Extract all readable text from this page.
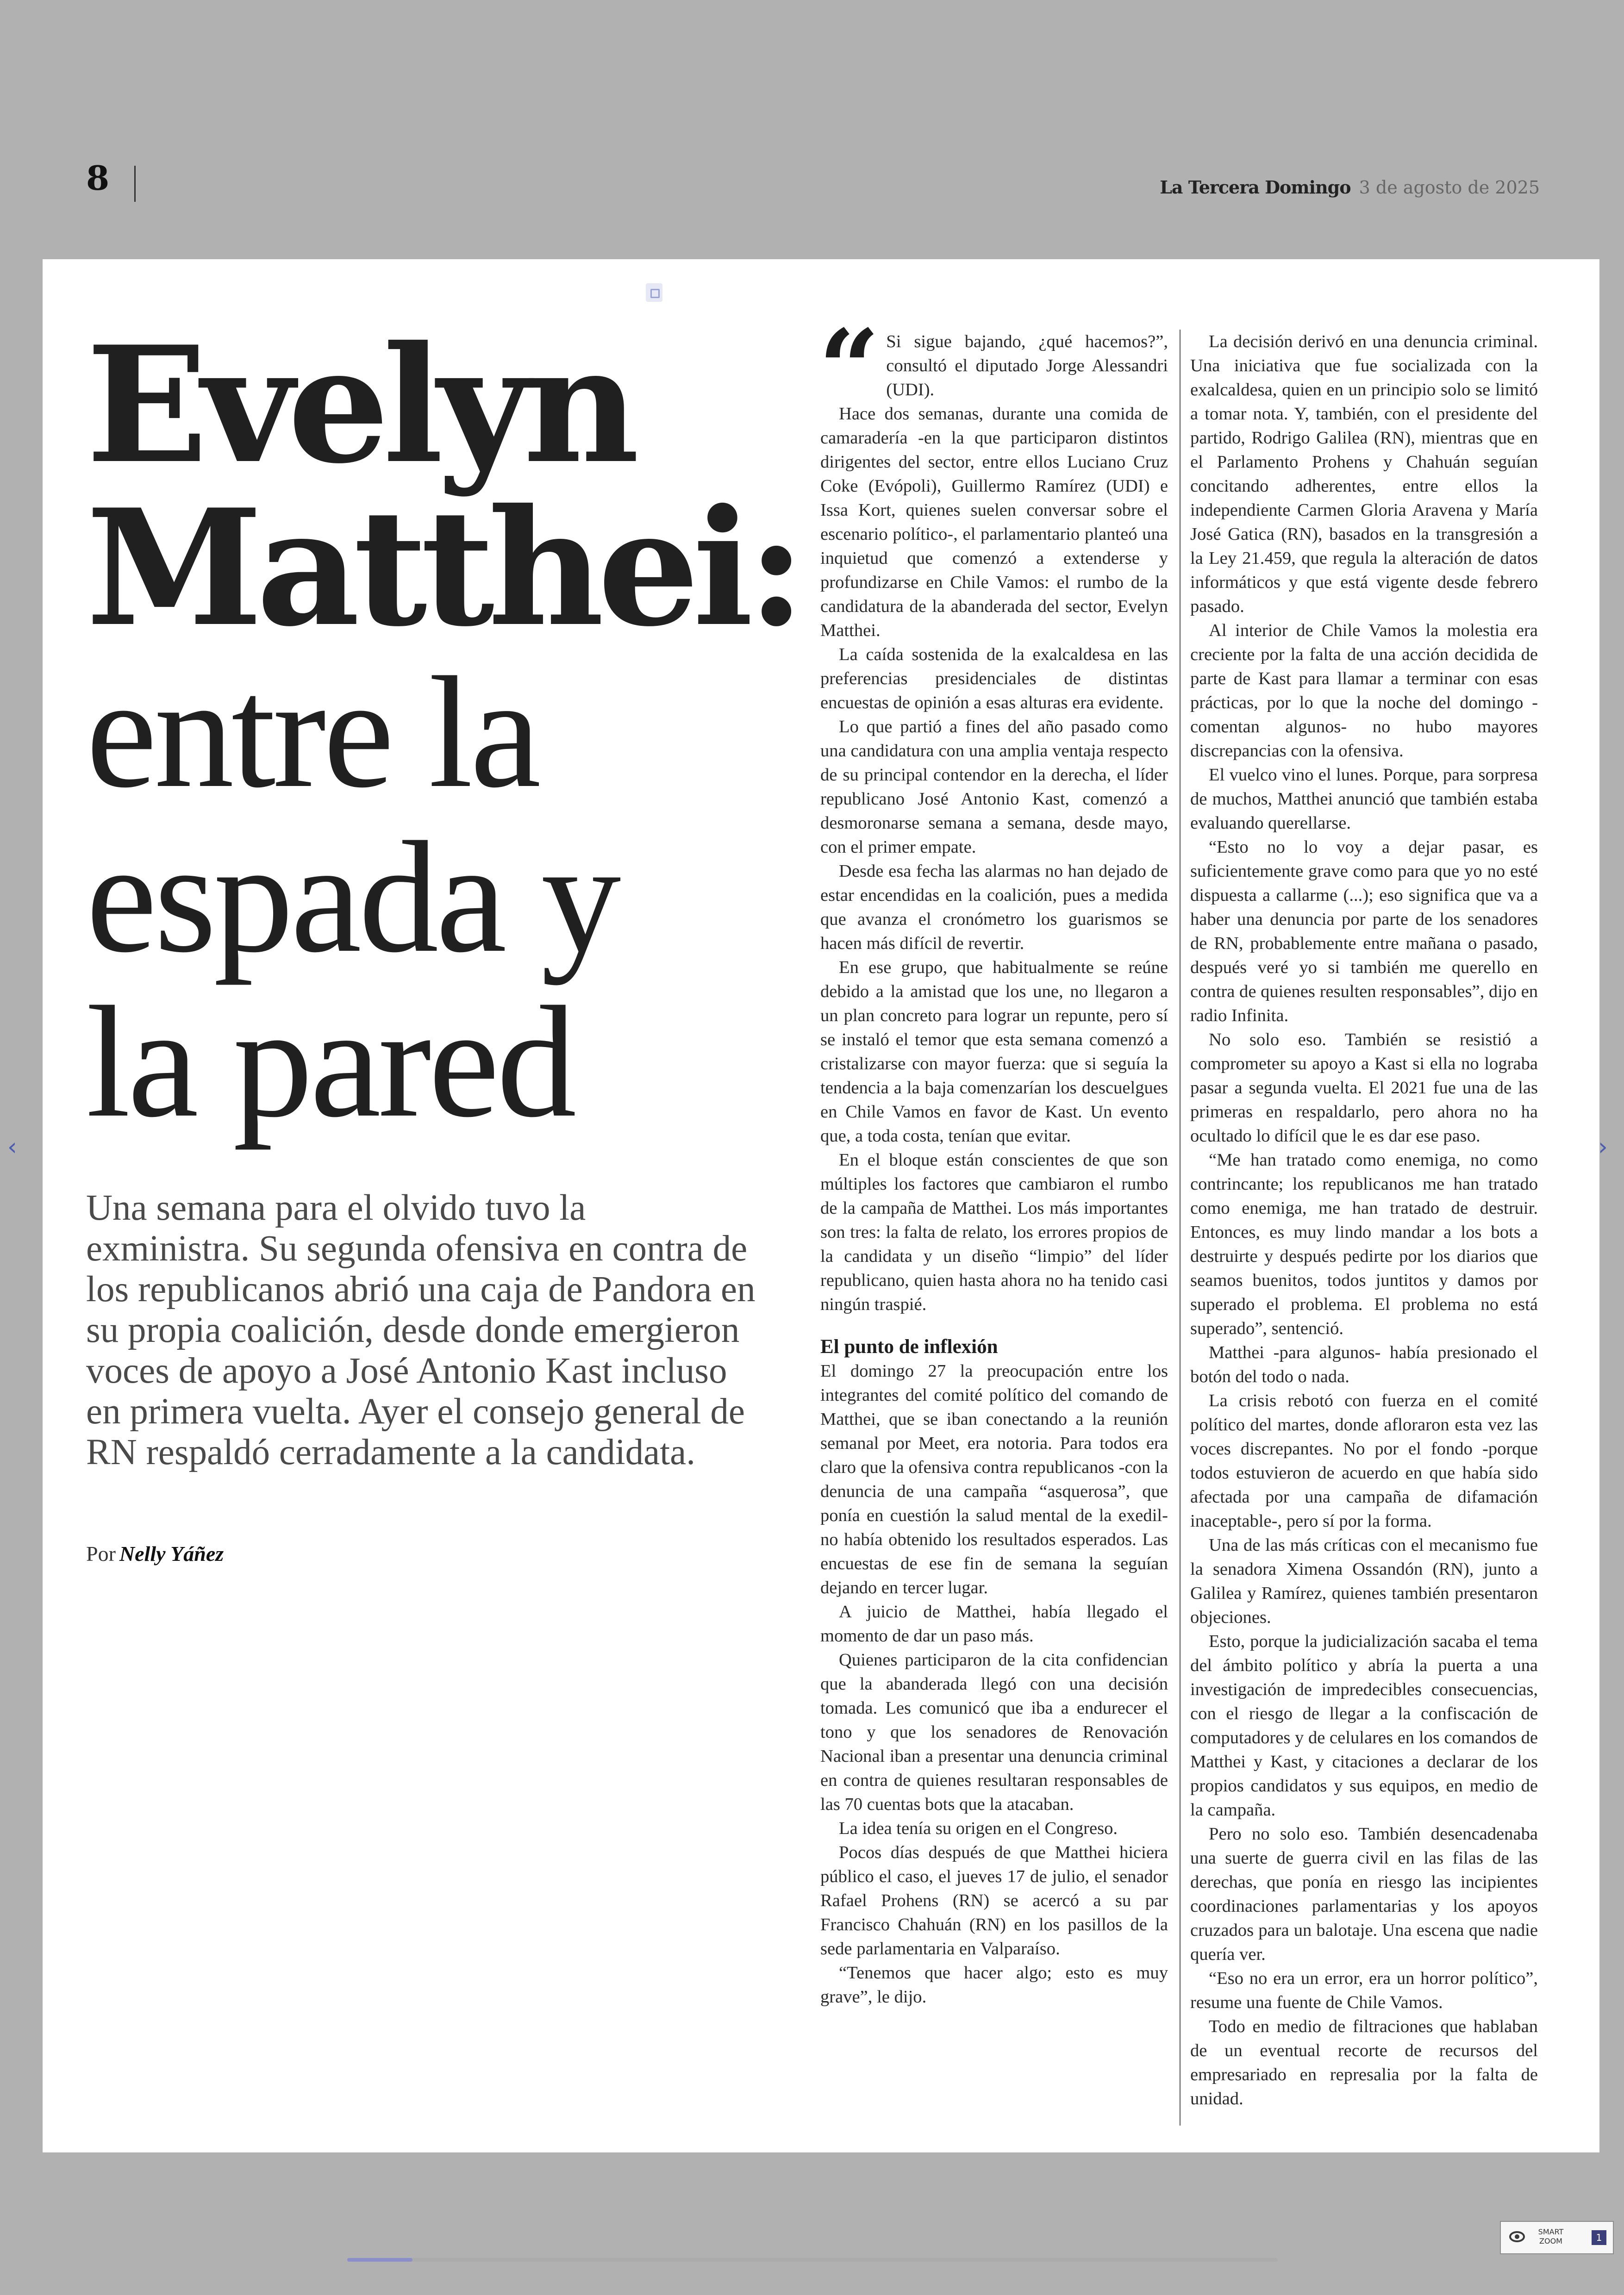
8	La Tercera Domingo 3 de agosto de 2025
Evelyn
Matthei:
entre la
espada y
la pared

Una semana para el olvido tuvo la exministra. Su segunda ofensiva en contra de los republicanos abrió una caja de Pandora en su propia coalición, desde donde emergieron voces de apoyo a José Antonio Kast incluso en primera vuelta. Ayer el consejo general de RN respaldó cerradamente a la candidata.

Por Nelly Yáñez
“ Si sigue bajando, ¿qué hacemos?”, consultó el diputado Jorge Alessandri (UDI).

Hace dos semanas, durante una comida de camaradería -en la que participaron distintos dirigentes del sector, entre ellos Luciano Cruz Coke (Evópoli), Guillermo Ramírez (UDI) e Issa Kort, quienes suelen conversar sobre el escenario político-, el parlamentario planteó una inquietud que comenzó a extenderse y profundizarse en Chile Vamos: el rumbo de la candidatura de la abanderada del sector, Evelyn Matthei.

La caída sostenida de la exalcaldesa en las preferencias presidenciales de distintas encuestas de opinión a esas alturas era evidente.

Lo que partió a fines del año pasado como una candidatura con una amplia ventaja respecto de su principal contendor en la derecha, el líder republicano José Antonio Kast, comenzó a desmoronarse semana a semana, desde mayo, con el primer empate.

Desde esa fecha las alarmas no han dejado de estar encendidas en la coalición, pues a medida que avanza el cronómetro los guarismos se hacen más difícil de revertir.

En ese grupo, que habitualmente se reúne debido a la amistad que los une, no llegaron a un plan concreto para lograr un repunte, pero sí se instaló el temor que esta semana comenzó a cristalizarse con mayor fuerza: que si seguía la tendencia a la baja comenzarían los descuelgues en Chile Vamos en favor de Kast. Un evento que, a toda costa, tenían que evitar.

En el bloque están conscientes de que son múltiples los factores que cambiaron el rumbo de la campaña de Matthei. Los más importantes son tres: la falta de relato, los errores propios de la candidata y un diseño “limpio” del líder republicano, quien hasta ahora no ha tenido casi ningún traspié.

El punto de inflexión

El domingo 27 la preocupación entre los integrantes del comité político del comando de Matthei, que se iban conectando a la reunión semanal por Meet, era notoria. Para todos era claro que la ofensiva contra republicanos -con la denuncia de una campaña “asquerosa”, que ponía en cuestión la salud mental de la exedil- no había obtenido los resultados esperados. Las encuestas de ese fin de semana la seguían dejando en tercer lugar.

A juicio de Matthei, había llegado el momento de dar un paso más.

Quienes participaron de la cita confidencian que la abanderada llegó con una decisión tomada. Les comunicó que iba a endurecer el tono y que los senadores de Renovación Nacional iban a presentar una denuncia criminal en contra de quienes resultaran responsables de las 70 cuentas bots que la atacaban.

La idea tenía su origen en el Congreso.

Pocos días después de que Matthei hiciera público el caso, el jueves 17 de julio, el senador Rafael Prohens (RN) se acercó a su par Francisco Chahuán (RN) en los pasillos de la sede parlamentaria en Valparaíso.

“Tenemos que hacer algo; esto es muy grave”, le dijo.

La decisión derivó en una denuncia criminal. Una iniciativa que fue socializada con la exalcaldesa, quien en un principio solo se limitó a tomar nota. Y, también, con el presidente del partido, Rodrigo Galilea (RN), mientras que en el Parlamento Prohens y Chahuán seguían concitando adherentes, entre ellos la independiente Carmen Gloria Aravena y María José Gatica (RN), basados en la transgresión a la Ley 21.459, que regula la alteración de datos informáticos y que está vigente desde febrero pasado.

Al interior de Chile Vamos la molestia era creciente por la falta de una acción decidida de parte de Kast para llamar a terminar con esas prácticas, por lo que la noche del domingo -comentan algunos- no hubo mayores discrepancias con la ofensiva.

El vuelco vino el lunes. Porque, para sorpresa de muchos, Matthei anunció que también estaba evaluando querellarse.

“Esto no lo voy a dejar pasar, es suficientemente grave como para que yo no esté dispuesta a callarme (...); eso significa que va a haber una denuncia por parte de los senadores de RN, probablemente entre mañana o pasado, después veré yo si también me querello en contra de quienes resulten responsables”, dijo en radio Infinita.

No solo eso. También se resistió a comprometer su apoyo a Kast si ella no lograba pasar a segunda vuelta. El 2021 fue una de las primeras en respaldarlo, pero ahora no ha ocultado lo difícil que le es dar ese paso.

“Me han tratado como enemiga, no como contrincante; los republicanos me han tratado como enemiga, me han tratado de destruir. Entonces, es muy lindo mandar a los bots a destruirte y después pedirte por los diarios que seamos buenitos, todos juntitos y damos por superado el problema. El problema no está superado”, sentenció.

Matthei -para algunos- había presionado el botón del todo o nada.

La crisis rebotó con fuerza en el comité político del martes, donde afloraron esta vez las voces discrepantes. No por el fondo -porque todos estuvieron de acuerdo en que había sido afectada por una campaña de difamación inaceptable-, pero sí por la forma.

Una de las más críticas con el mecanismo fue la senadora Ximena Ossandón (RN), junto a Galilea y Ramírez, quienes también presentaron objeciones.

Esto, porque la judicialización sacaba el tema del ámbito político y abría la puerta a una investigación de impredecibles consecuencias, con el riesgo de llegar a la confiscación de computadores y de celulares en los comandos de Matthei y Kast, y citaciones a declarar de los propios candidatos y sus equipos, en medio de la campaña.

Pero no solo eso. También desencadenaba una suerte de guerra civil en las filas de las derechas, que ponía en riesgo las incipientes coordinaciones parlamentarias y los apoyos cruzados para un balotaje. Una escena que nadie quería ver.

“Eso no era un error, era un horror político”, resume una fuente de Chile Vamos.

Todo en medio de filtraciones que hablaban de un eventual recorte de recursos del empresariado en represalia por la falta de unidad.

‹	›
SMART ZOOM	1
